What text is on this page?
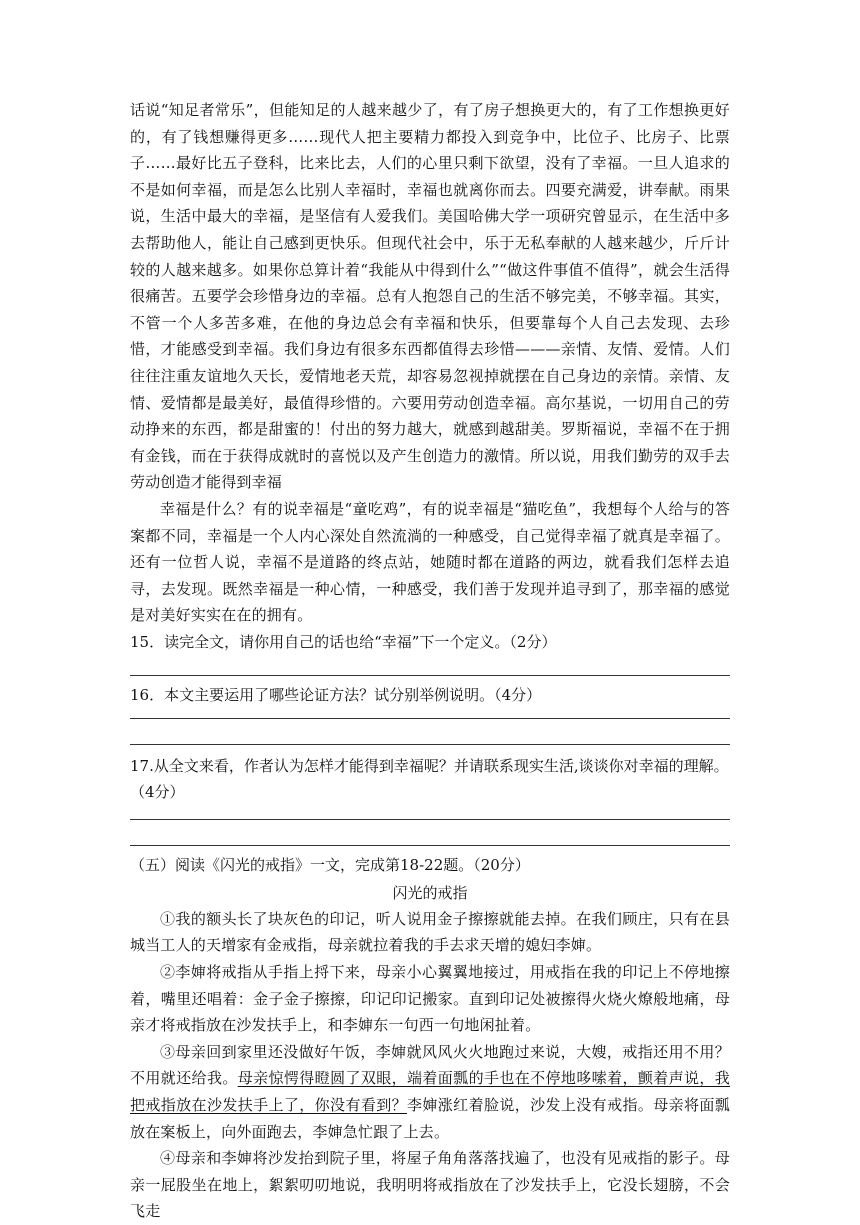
话说“知足者常乐”，但能知足的人越来越少了，有了房子想换更大的，有了工作想换更好的，有了钱想赚得更多……现代人把主要精力都投入到竞争中，比位子、比房子、比票子……最好比五子登科，比来比去，人们的心里只剩下欲望，没有了幸福。一旦人追求的不是如何幸福，而是怎么比别人幸福时，幸福也就离你而去。四要充满爱，讲奉献。雨果说，生活中最大的幸福，是坚信有人爱我们。美国哈佛大学一项研究曾显示，在生活中多去帮助他人，能让自己感到更快乐。但现代社会中，乐于无私奉献的人越来越少，斤斤计较的人越来越多。如果你总算计着“我能从中得到什么”“做这件事值不值得”，就会生活得很痛苦。五要学会珍惜身边的幸福。总有人抱怨自己的生活不够完美，不够幸福。其实，不管一个人多苦多难，在他的身边总会有幸福和快乐，但要靠每个人自己去发现、去珍惜，才能感受到幸福。我们身边有很多东西都值得去珍惜———亲情、友情、爱情。人们往往注重友谊地久天长，爱情地老天荒，却容易忽视掉就摆在自己身边的亲情。亲情、友情、爱情都是最美好，最值得珍惜的。六要用劳动创造幸福。高尔基说，一切用自己的劳动挣来的东西，都是甜蜜的！付出的努力越大，就感到越甜美。罗斯福说，幸福不在于拥有金钱，而在于获得成就时的喜悦以及产生创造力的激情。所以说，用我们勤劳的双手去劳动创造才能得到幸福

幸福是什么？有的说幸福是“童吃鸡”，有的说幸福是“猫吃鱼”，我想每个人给与的答案都不同，幸福是一个人内心深处自然流淌的一种感受，自己觉得幸福了就真是幸福了。还有一位哲人说，幸福不是道路的终点站，她随时都在道路的两边，就看我们怎样去追寻，去发现。既然幸福是一种心情，一种感受，我们善于发现并追寻到了，那幸福的感觉是对美好实实在在的拥有。

15．读完全文，请你用自己的话也给“幸福”下一个定义。（2分）

16．本文主要运用了哪些论证方法？试分别举例说明。（4分）

17.从全文来看，作者认为怎样才能得到幸福呢？并请联系现实生活,谈谈你对幸福的理解。（4分）

（五）阅读《闪光的戒指》一文，完成第18-22题。（20分）

闪光的戒指

①我的额头长了块灰色的印记，听人说用金子擦擦就能去掉。在我们顾庄，只有在县城当工人的天增家有金戒指，母亲就拉着我的手去求天增的媳妇李婶。

②李婶将戒指从手指上捋下来，母亲小心翼翼地接过，用戒指在我的印记上不停地擦着，嘴里还唱着：金子金子擦擦，印记印记搬家。直到印记处被擦得火烧火燎般地痛，母亲才将戒指放在沙发扶手上，和李婶东一句西一句地闲扯着。

③母亲回到家里还没做好午饭，李婶就风风火火地跑过来说，大嫂，戒指还用不用？不用就还给我。母亲惊愕得瞪圆了双眼，端着面瓢的手也在不停地哆嗦着，颤着声说，我把戒指放在沙发扶手上了，你没有看到？李婶涨红着脸说，沙发上没有戒指。母亲将面瓢放在案板上，向外面跑去，李婶急忙跟了上去。

④母亲和李婶将沙发抬到院子里，将屋子角角落落找遍了，也没有见戒指的影子。母亲一屁股坐在地上，絮絮叨叨地说，我明明将戒指放在了沙发扶手上，它没长翅膀，不会飞走
